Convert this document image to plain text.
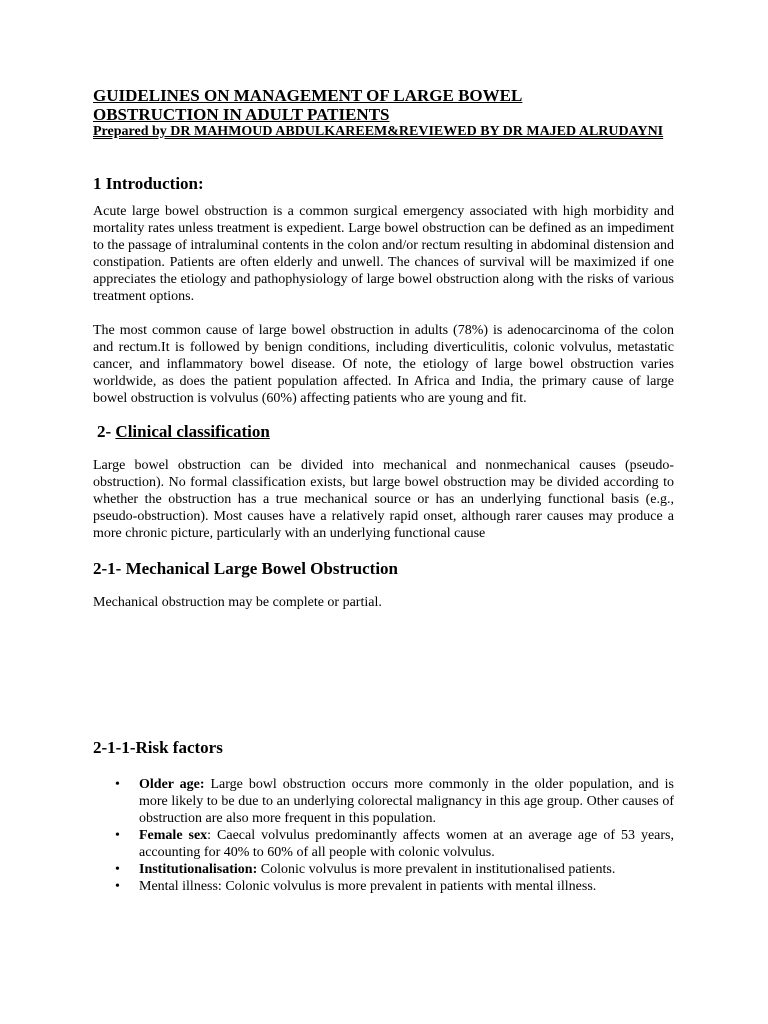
GUIDELINES ON MANAGEMENT OF LARGE BOWEL

OBSTRUCTION IN ADULT PATIENTS

Prepared by DR MAHMOUD ABDULKAREEM&REVIEWED BY DR MAJED ALRUDAYNI

1 Introduction:

Acute large bowel obstruction is a common surgical emergency associated with high morbidity and mortality rates unless treatment is expedient. Large bowel obstruction can be defined as an impediment to the passage of intraluminal contents in the colon and/or rectum resulting in abdominal distension and constipation. Patients are often elderly and unwell. The chances of survival will be maximized if one appreciates the etiology and pathophysiology of large bowel obstruction along with the risks of various treatment options.

The most common cause of large bowel obstruction in adults (78%) is adenocarcinoma of the colon and rectum.It is followed by benign conditions, including diverticulitis, colonic volvulus, metastatic cancer, and inflammatory bowel disease. Of note, the etiology of large bowel obstruction varies worldwide, as does the patient population affected. In Africa and India, the primary cause of large bowel obstruction is volvulus (60%) affecting patients who are young and fit.

2- Clinical classification

Large bowel obstruction can be divided into mechanical and nonmechanical causes (pseudo-obstruction). No formal classification exists, but large bowel obstruction may be divided according to whether the obstruction has a true mechanical source or has an underlying functional basis (e.g., pseudo-obstruction). Most causes have a relatively rapid onset, although rarer causes may produce a more chronic picture, particularly with an underlying functional cause

2-1- Mechanical Large Bowel Obstruction

Mechanical obstruction may be complete or partial.

2-1-1-Risk factors
• Older age: Large bowl obstruction occurs more commonly in the older population, and is more likely to be due to an underlying colorectal malignancy in this age group. Other causes of obstruction are also more frequent in this population.
• Female sex: Caecal volvulus predominantly affects women at an average age of 53 years, accounting for 40% to 60% of all people with colonic volvulus.
• Institutionalisation: Colonic volvulus is more prevalent in institutionalised patients.
• Mental illness: Colonic volvulus is more prevalent in patients with mental illness.
